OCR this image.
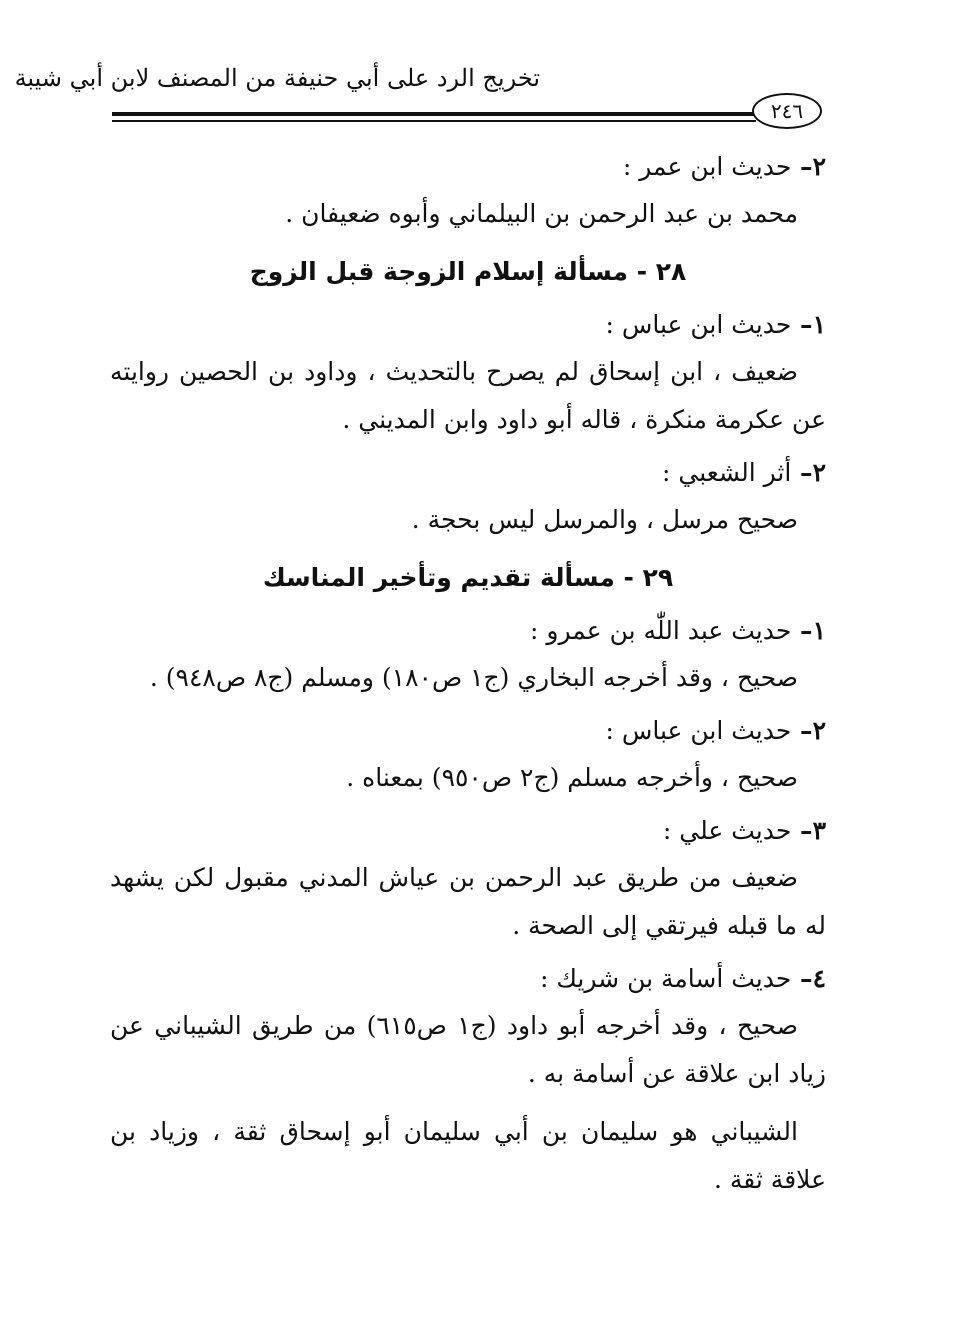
تخريج الرد على أبي حنيفة من المصنف لابن أبي شيبة
٢٤٦
٢– حديث ابن عمر :

محمد بن عبد الرحمن بن البيلماني وأبوه ضعيفان .

٢٨ - مسألة إسلام الزوجة قبل الزوج
١– حديث ابن عباس :

ضعيف ، ابن إسحاق لم يصرح بالتحديث ، وداود بن الحصين روايته عن عكرمة منكرة ، قاله أبو داود وابن المديني .

٢– أثر الشعبي :

صحيح مرسل ، والمرسل ليس بحجة .

٢٩ - مسألة تقديم وتأخير المناسك
١– حديث عبد اللّٰه بن عمرو :

صحيح ، وقد أخرجه البخاري (ج١ ص١٨٠) ومسلم (ج٨ ص٩٤٨) .

٢– حديث ابن عباس :

صحيح ، وأخرجه مسلم (ج٢ ص٩٥٠) بمعناه .

٣– حديث علي :

ضعيف من طريق عبد الرحمن بن عياش المدني مقبول لكن يشهد له ما قبله فيرتقي إلى الصحة .

٤– حديث أسامة بن شريك :

صحيح ، وقد أخرجه أبو داود (ج١ ص٦١٥) من طريق الشيباني عن زياد ابن علاقة عن أسامة به .

الشيباني هو سليمان بن أبي سليمان أبو إسحاق ثقة ، وزياد بن علاقة ثقة .
